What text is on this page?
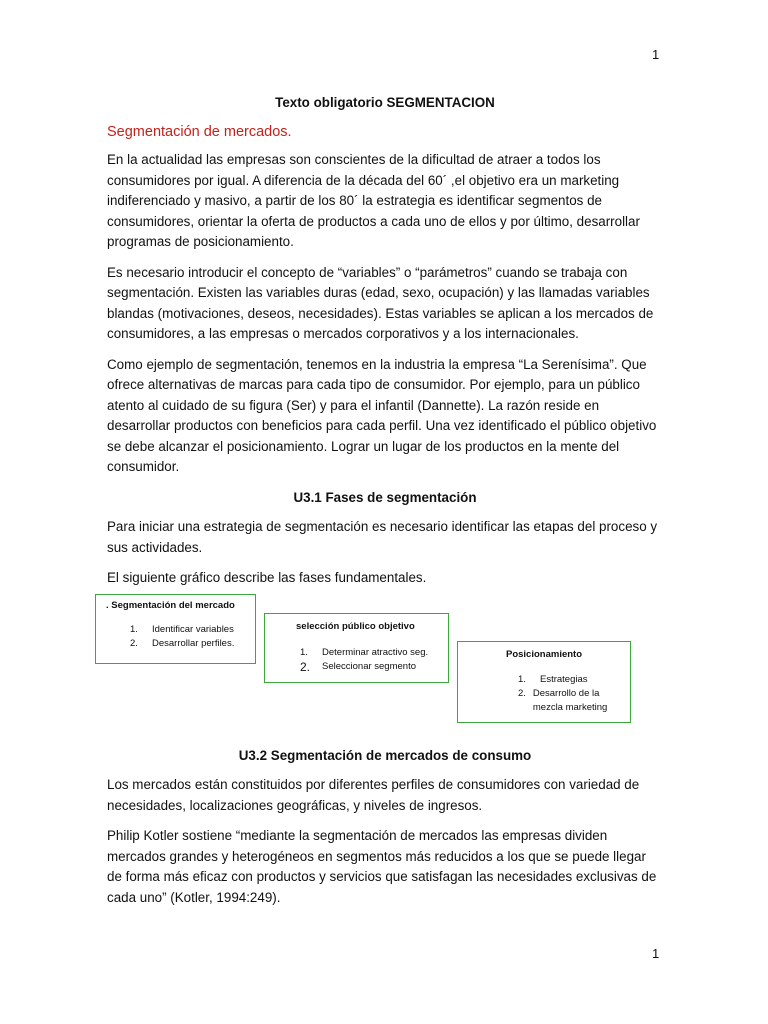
1
Texto obligatorio SEGMENTACION
Segmentación de mercados.

En la actualidad las empresas son conscientes de la dificultad de atraer a todos los consumidores por igual. A diferencia de la década del 60´ ,el objetivo era un marketing indiferenciado y masivo, a partir de los 80´ la estrategia es identificar segmentos de consumidores, orientar la oferta de productos a cada uno de ellos y por último, desarrollar programas de posicionamiento.

Es necesario introducir el concepto de “variables” o “parámetros” cuando se trabaja con segmentación. Existen las variables duras (edad, sexo, ocupación) y las llamadas variables blandas (motivaciones, deseos, necesidades). Estas variables se aplican a los mercados de consumidores, a las empresas o mercados corporativos y a los internacionales.

Como ejemplo de segmentación, tenemos en la industria la empresa “La Serenísima”. Que ofrece alternativas de marcas para cada tipo de consumidor. Por ejemplo, para un público atento al cuidado de su figura (Ser) y para el infantil (Dannette). La razón reside en desarrollar productos con beneficios para cada perfil. Una vez identificado el público objetivo se debe alcanzar el posicionamiento. Lograr un lugar de los productos en la mente del consumidor.

U3.1 Fases de segmentación

Para iniciar una estrategia de segmentación es necesario identificar las etapas del proceso y sus actividades.

El siguiente gráfico describe las fases fundamentales.

. Segmentación del mercado
1.	Identificar variables
2.	Desarrollar perfiles.
selección público objetivo
1.	Determinar atractivo seg.
2.	Seleccionar segmento
Posicionamiento
1.	Estrategias
2. Desarrollo de la mezcla marketing
U3.2 Segmentación de mercados de consumo

Los mercados están constituidos por diferentes perfiles de consumidores con variedad de necesidades, localizaciones geográficas, y niveles de ingresos.

Philip Kotler sostiene “mediante la segmentación de mercados las empresas dividen mercados grandes y heterogéneos en segmentos más reducidos a los que se puede llegar de forma más eficaz con productos y servicios que satisfagan las necesidades exclusivas de cada uno” (Kotler, 1994:249).

1
